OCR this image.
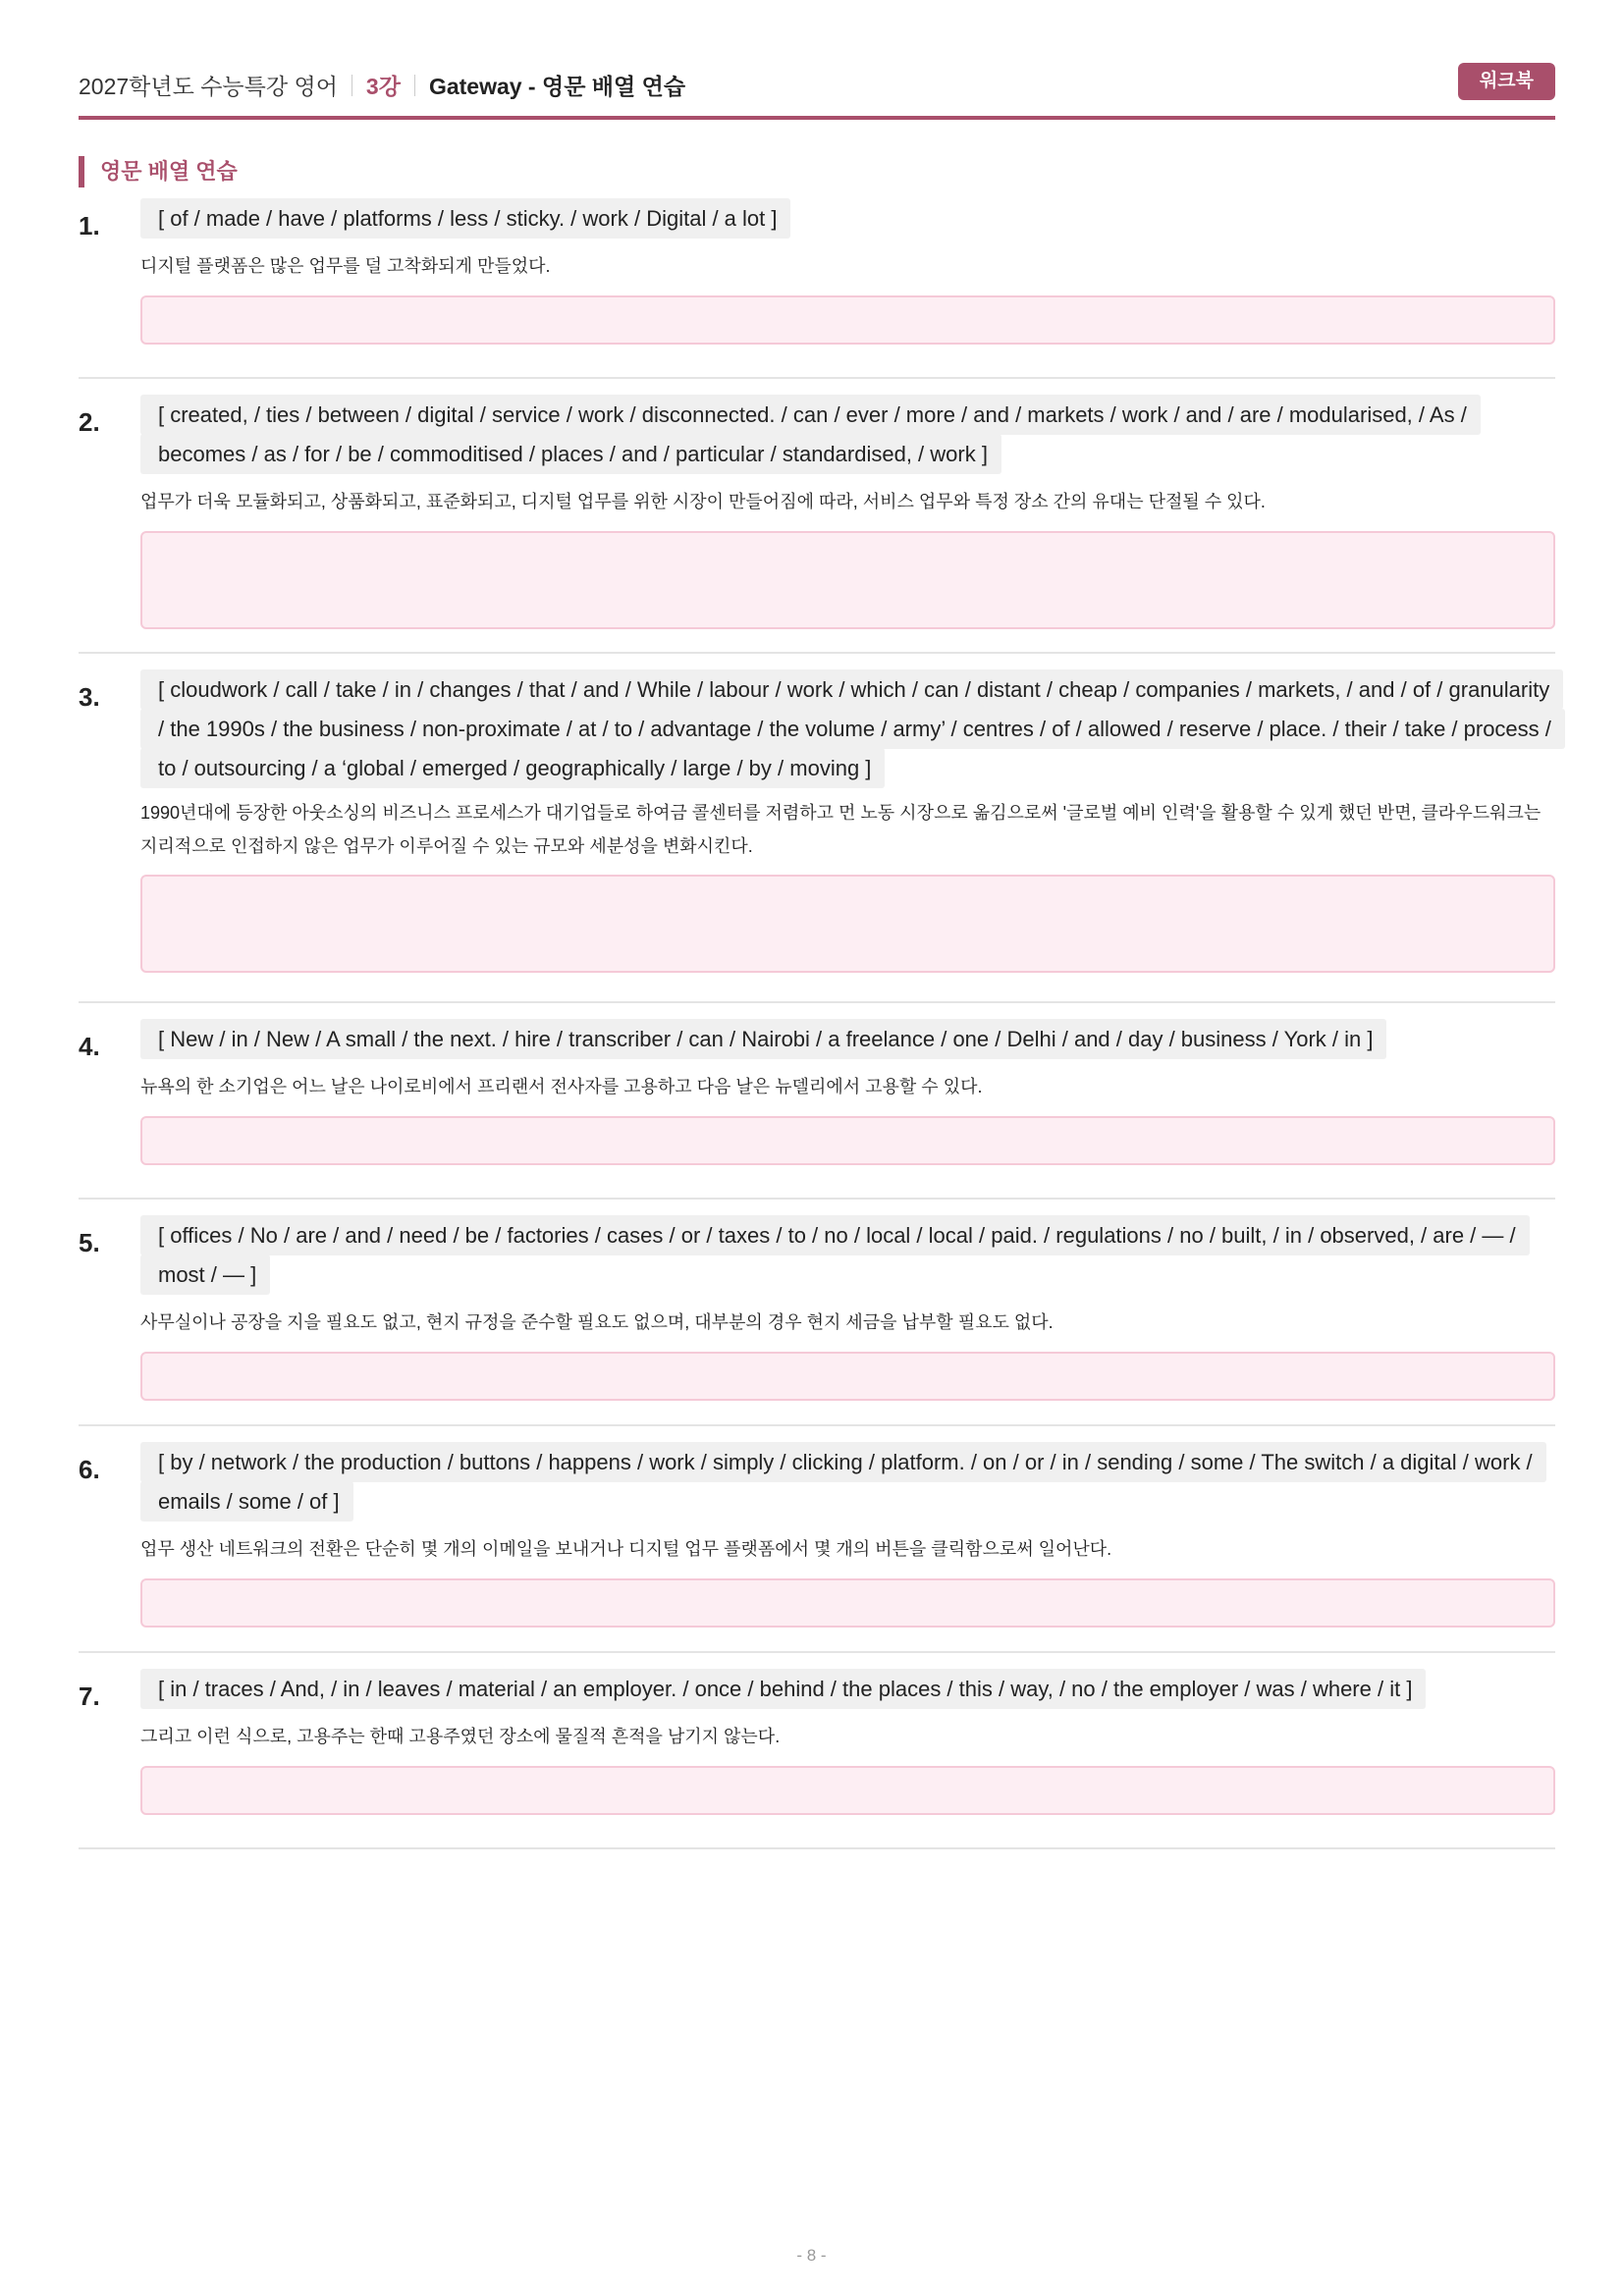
2027학년도 수능특강 영어 3강 Gateway - 영문 배열 연습	워크북
영문 배열 연습
1.	[ of / made / have / platforms / less / sticky. / work / Digital / a lot ]
디지털 플랫폼은 많은 업무를 덜 고착화되게 만들었다.
2.	[ created, / ties / between / digital / service / work / disconnected. / can / ever / more / and / markets / work / and / are / modularised, / As / becomes / as / for / be / commoditised / places / and / particular / standardised, / work ]
업무가 더욱 모듈화되고, 상품화되고, 표준화되고, 디지털 업무를 위한 시장이 만들어짐에 따라, 서비스 업무와 특정 장소 간의 유대는 단절될 수 있다.
3.	[ cloudwork / call / take / in / changes / that / and / While / labour / work / which / can / distant / cheap / companies / markets, / and / of / granularity / the 1990s / the business / non-proximate / at / to / advantage / the volume / army’ / centres / of / allowed / reserve / place. / their / take / process / to / outsourcing / a ‘global / emerged / geographically / large / by / moving ]
1990년대에 등장한 아웃소싱의 비즈니스 프로세스가 대기업들로 하여금 콜센터를 저렴하고 먼 노동 시장으로 옮김으로써 '글로벌 예비 인력'을 활용할 수 있게 했던 반면, 클라우드워크는 지리적으로 인접하지 않은 업무가 이루어질 수 있는 규모와 세분성을 변화시킨다.
4.	[ New / in / New / A small / the next. / hire / transcriber / can / Nairobi / a freelance / one / Delhi / and / day / business / York / in ]
뉴욕의 한 소기업은 어느 날은 나이로비에서 프리랜서 전사자를 고용하고 다음 날은 뉴델리에서 고용할 수 있다.
5.	[ offices / No / are / and / need / be / factories / cases / or / taxes / to / no / local / local / paid. / regulations / no / built, / in / observed, / are / — / most / — ]
사무실이나 공장을 지을 필요도 없고, 현지 규정을 준수할 필요도 없으며, 대부분의 경우 현지 세금을 납부할 필요도 없다.
6.	[ by / network / the production / buttons / happens / work / simply / clicking / platform. / on / or / in / sending / some / The switch / a digital / work / emails / some / of ]
업무 생산 네트워크의 전환은 단순히 몇 개의 이메일을 보내거나 디지털 업무 플랫폼에서 몇 개의 버튼을 클릭함으로써 일어난다.
7.	[ in / traces / And, / in / leaves / material / an employer. / once / behind / the places / this / way, / no / the employer / was / where / it ]
그리고 이런 식으로, 고용주는 한때 고용주였던 장소에 물질적 흔적을 남기지 않는다.
- 8 -
